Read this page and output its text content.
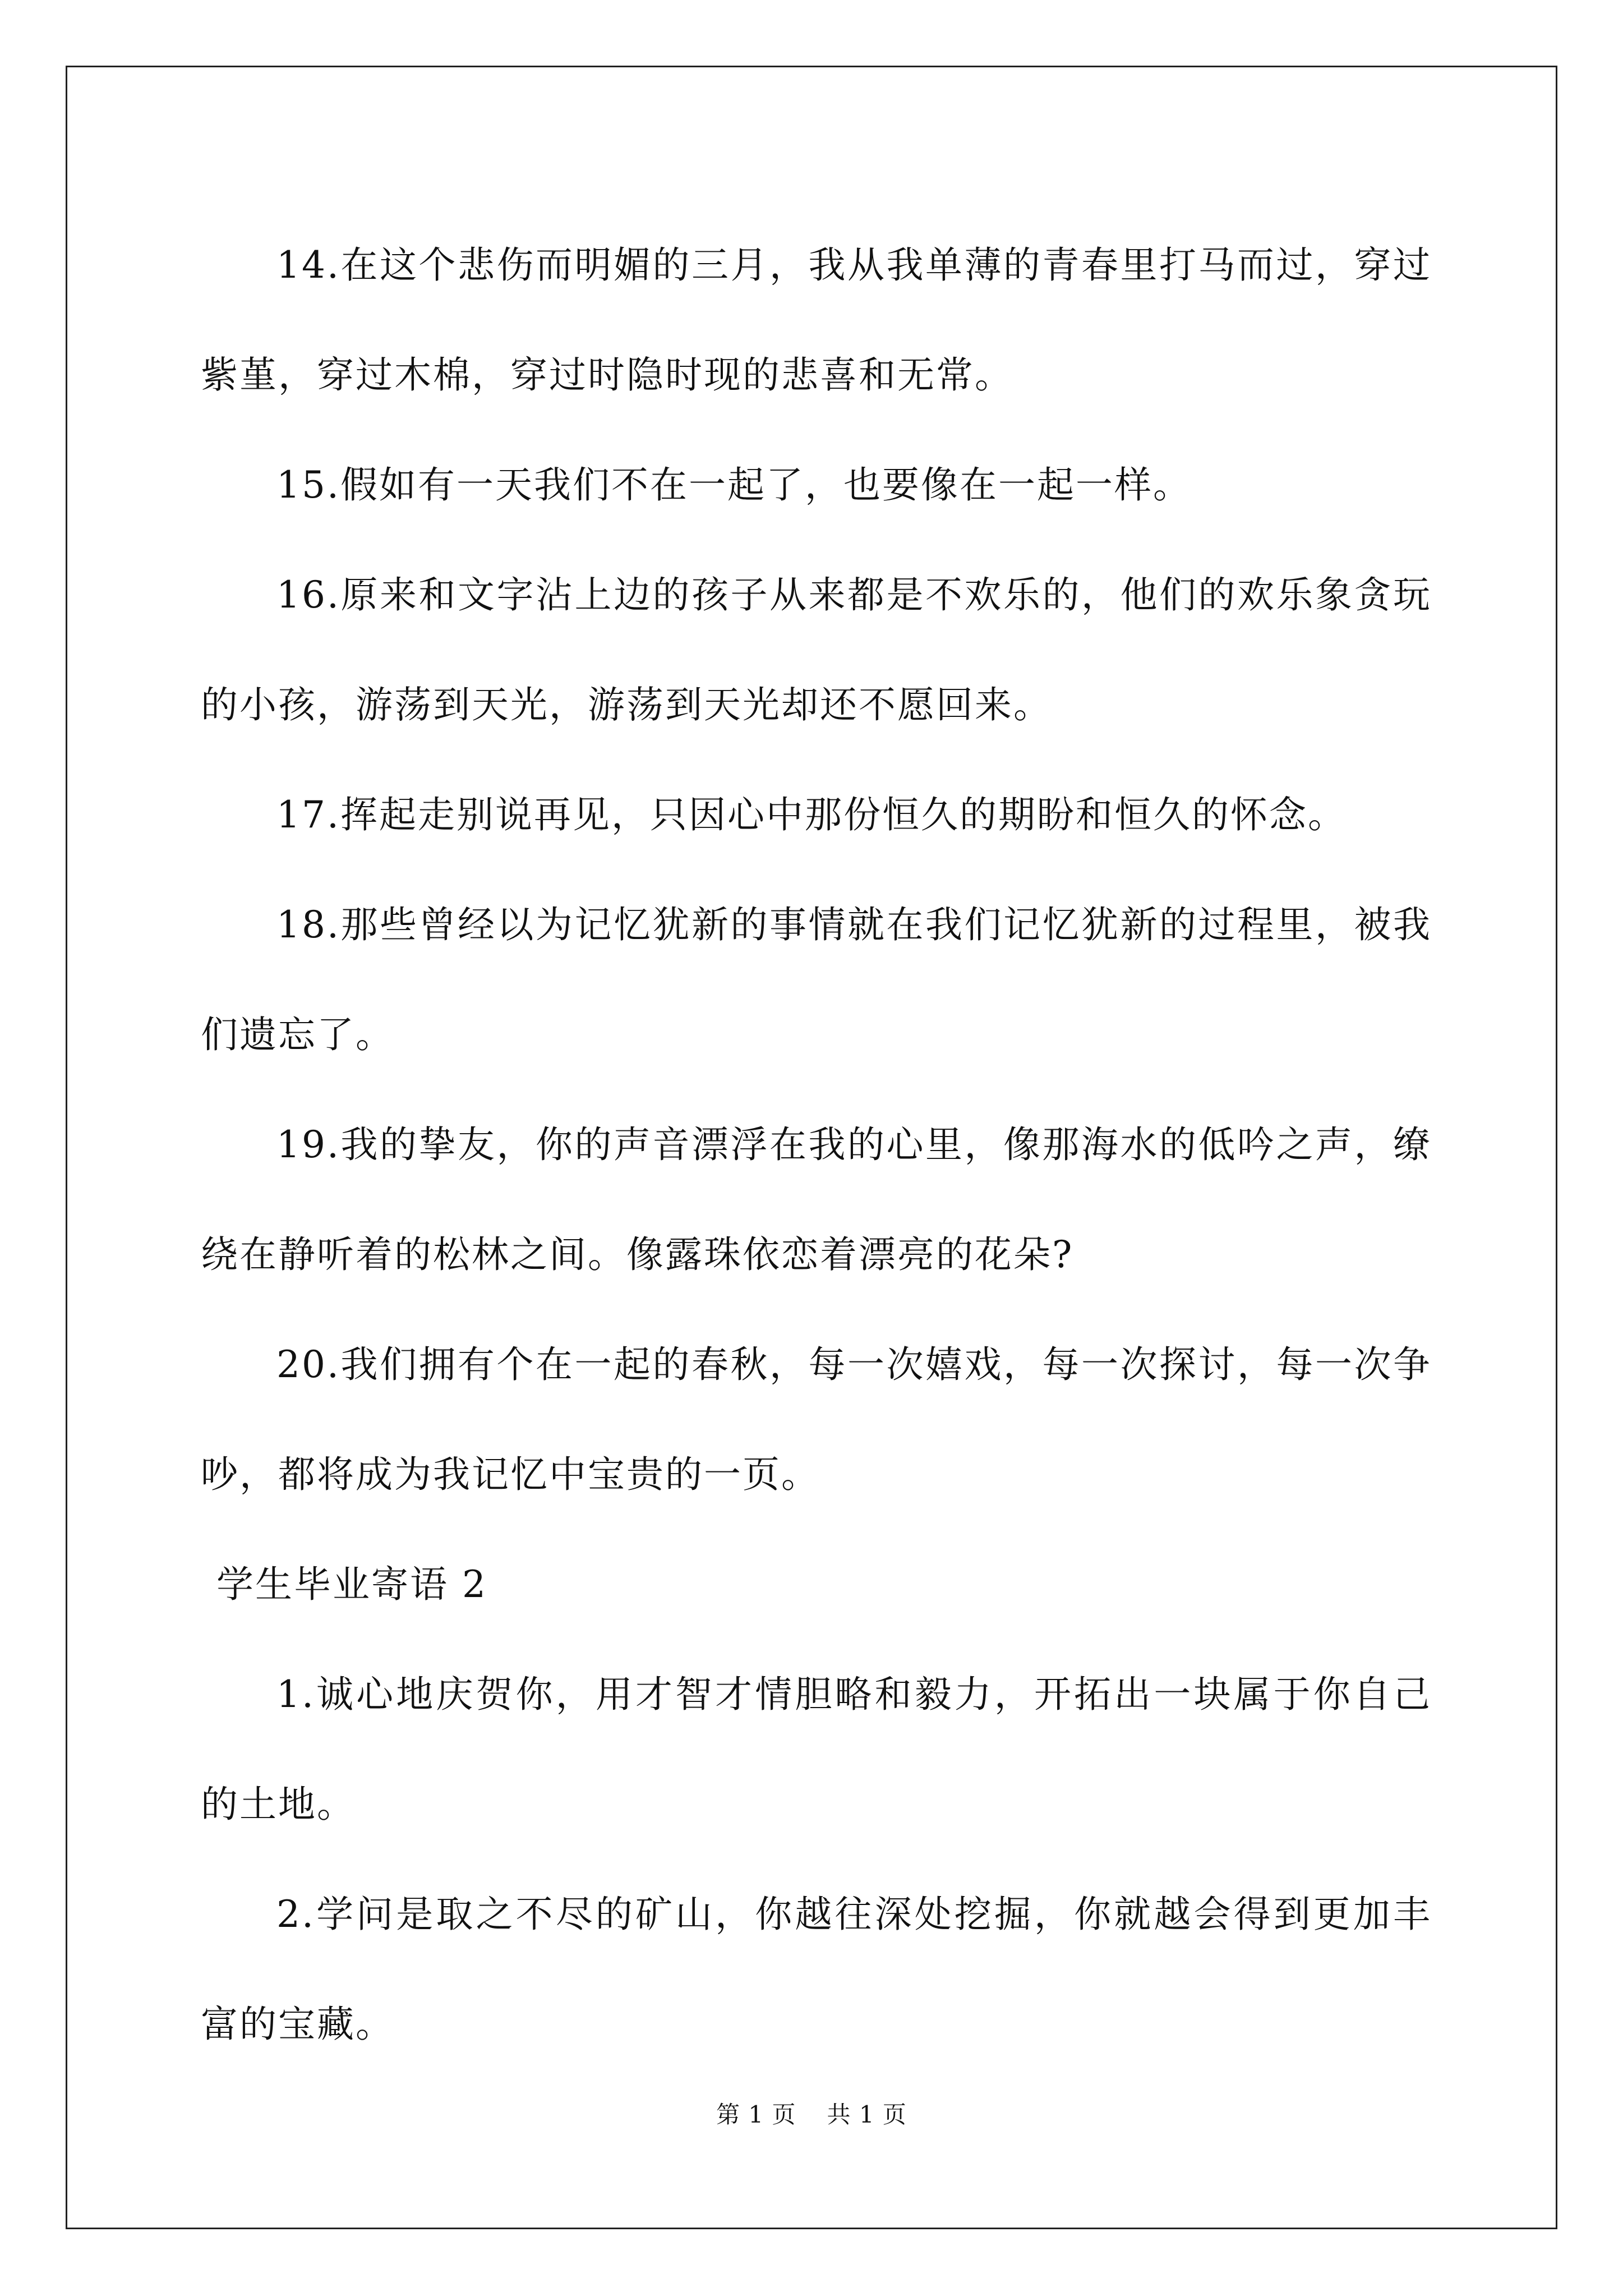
14.在这个悲伤而明媚的三月，我从我单薄的青春里打马而过，穿过紫堇，穿过木棉，穿过时隐时现的悲喜和无常。

15.假如有一天我们不在一起了，也要像在一起一样。

16.原来和文字沾上边的孩子从来都是不欢乐的，他们的欢乐象贪玩的小孩，游荡到天光，游荡到天光却还不愿回来。

17.挥起走别说再见，只因心中那份恒久的期盼和恒久的怀念。

18.那些曾经以为记忆犹新的事情就在我们记忆犹新的过程里，被我们遗忘了。

19.我的挚友，你的声音漂浮在我的心里，像那海水的低吟之声，缭绕在静听着的松林之间。像露珠依恋着漂亮的花朵?

20.我们拥有个在一起的春秋，每一次嬉戏，每一次探讨，每一次争吵，都将成为我记忆中宝贵的一页。

学生毕业寄语 2

1.诚心地庆贺你，用才智才情胆略和毅力，开拓出一块属于你自己的土地。

2.学问是取之不尽的矿山，你越往深处挖掘，你就越会得到更加丰富的宝藏。

第 1 页 共 1 页
